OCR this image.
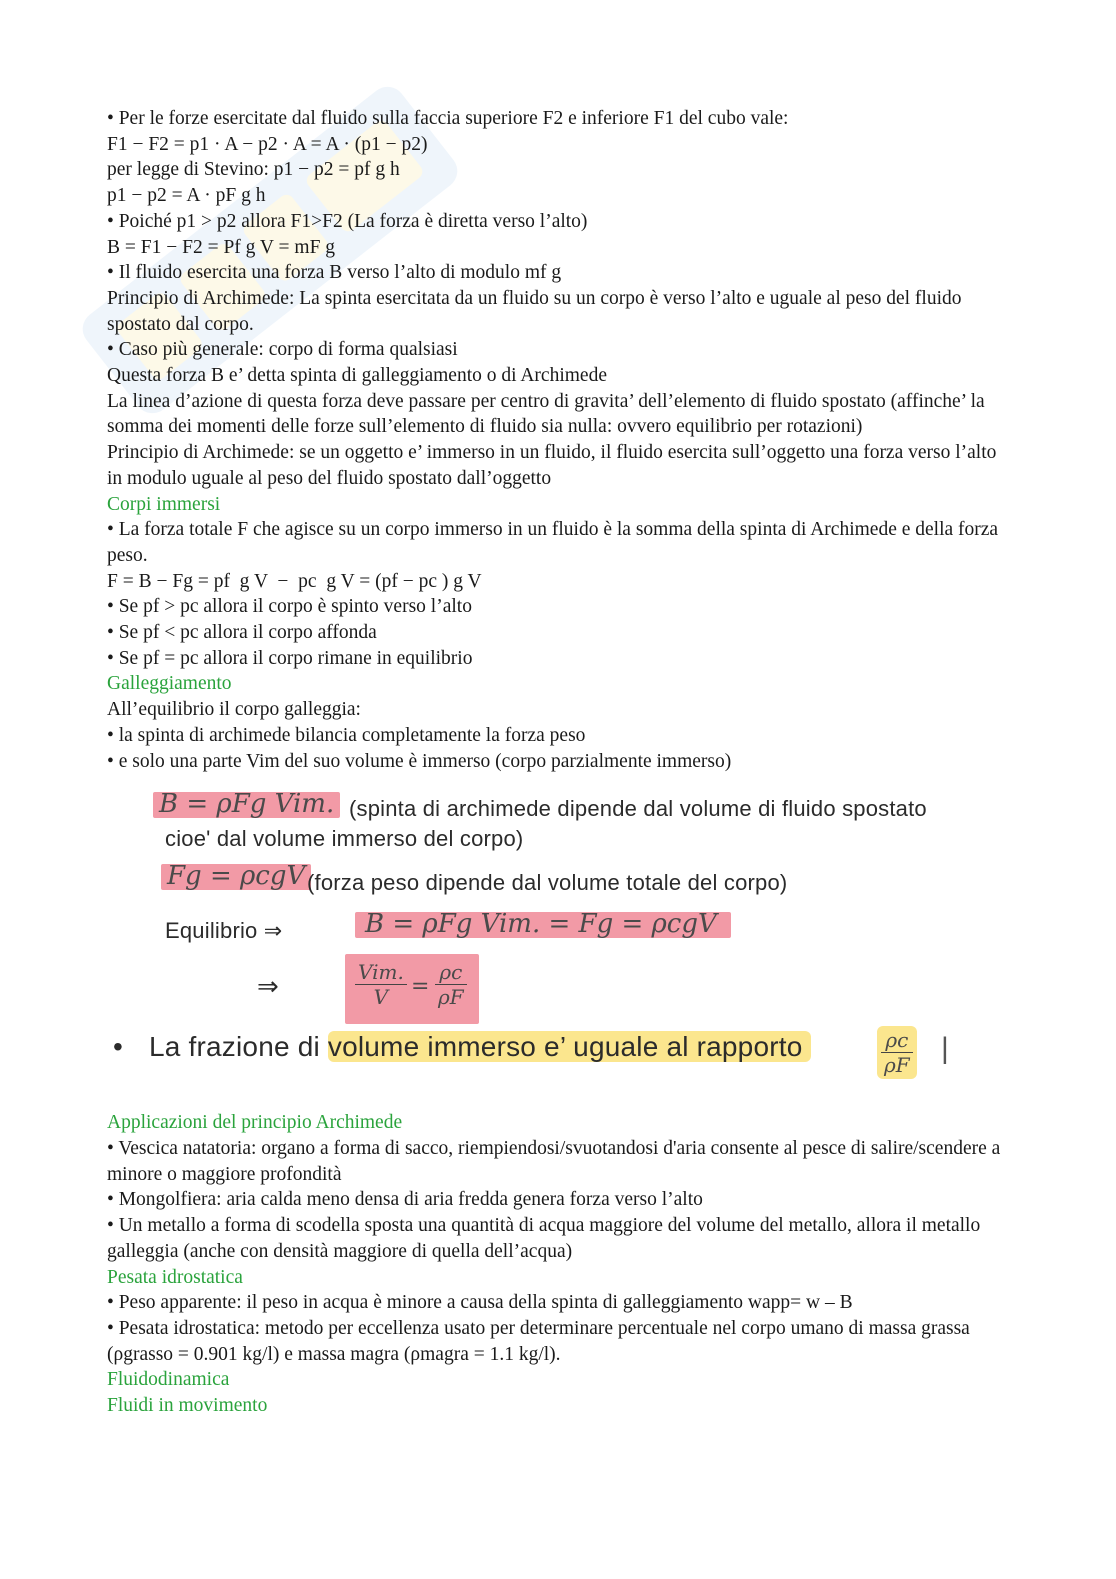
• Per le forze esercitate dal fluido sulla faccia superiore F2 e inferiore F1 del cubo vale:
F1 − F2 = p1 · A − p2 · A = A · (p1 − p2)
per legge di Stevino: p1 − p2 = pf g h
p1 − p2 = A · pF g h
• Poiché p1 > p2 allora F1>F2 (La forza è diretta verso l’alto)
B = F1 − F2 = Pf g V = mF g
• Il fluido esercita una forza B verso l’alto di modulo mf g
Principio di Archimede: La spinta esercitata da un fluido su un corpo è verso l’alto e uguale al peso del fluido spostato dal corpo.
• Caso più generale: corpo di forma qualsiasi
Questa forza B e’ detta spinta di galleggiamento o di Archimede
La linea d’azione di questa forza deve passare per centro di gravita’ dell’elemento di fluido spostato (affinche’ la somma dei momenti delle forze sull’elemento di fluido sia nulla: ovvero equilibrio per rotazioni)
Principio di Archimede: se un oggetto e’ immerso in un fluido, il fluido esercita sull’oggetto una forza verso l’alto in modulo uguale al peso del fluido spostato dall’oggetto
Corpi immersi
• La forza totale F che agisce su un corpo immerso in un fluido è la somma della spinta di Archimede e della forza peso.
F = B − Fg = pf  g V  −  pc  g V = (pf − pc ) g V
• Se pf > pc allora il corpo è spinto verso l’alto
• Se pf < pc allora il corpo affonda
• Se pf = pc allora il corpo rimane in equilibrio
Galleggiamento
All’equilibrio il corpo galleggia:
• la spinta di archimede bilancia completamente la forza peso
• e solo una parte Vim del suo volume è immerso (corpo parzialmente immerso)
B = ρFg Vim. (spinta di archimede dipende dal volume di fluido spostato
cioe' dal volume immerso del corpo)
Fg = ρcgV (forza peso dipende dal volume totale del corpo)
Equilibrio ⇒	B = ρFg Vim. = Fg = ρcgV
⇒	Vim.
V	= $\frac{\rho c}{\rho F}$
• La frazione di volume immerso e’ uguale al rapporto	$\frac{\rho c}{\rho F}$ |
Applicazioni del principio Archimede
• Vescica natatoria: organo a forma di sacco, riempiendosi/svuotandosi d'aria consente al pesce di salire/scendere a minore o maggiore profondità
• Mongolfiera: aria calda meno densa di aria fredda genera forza verso l’alto
• Un metallo a forma di scodella sposta una quantità di acqua maggiore del volume del metallo, allora il metallo galleggia (anche con densità maggiore di quella dell’acqua)
Pesata idrostatica
• Peso apparente: il peso in acqua è minore a causa della spinta di galleggiamento wapp= w – B
• Pesata idrostatica: metodo per eccellenza usato per determinare percentuale nel corpo umano di massa grassa (ρgrasso = 0.901 kg/l) e massa magra (ρmagra = 1.1 kg/l).
Fluidodinamica
Fluidi in movimento
